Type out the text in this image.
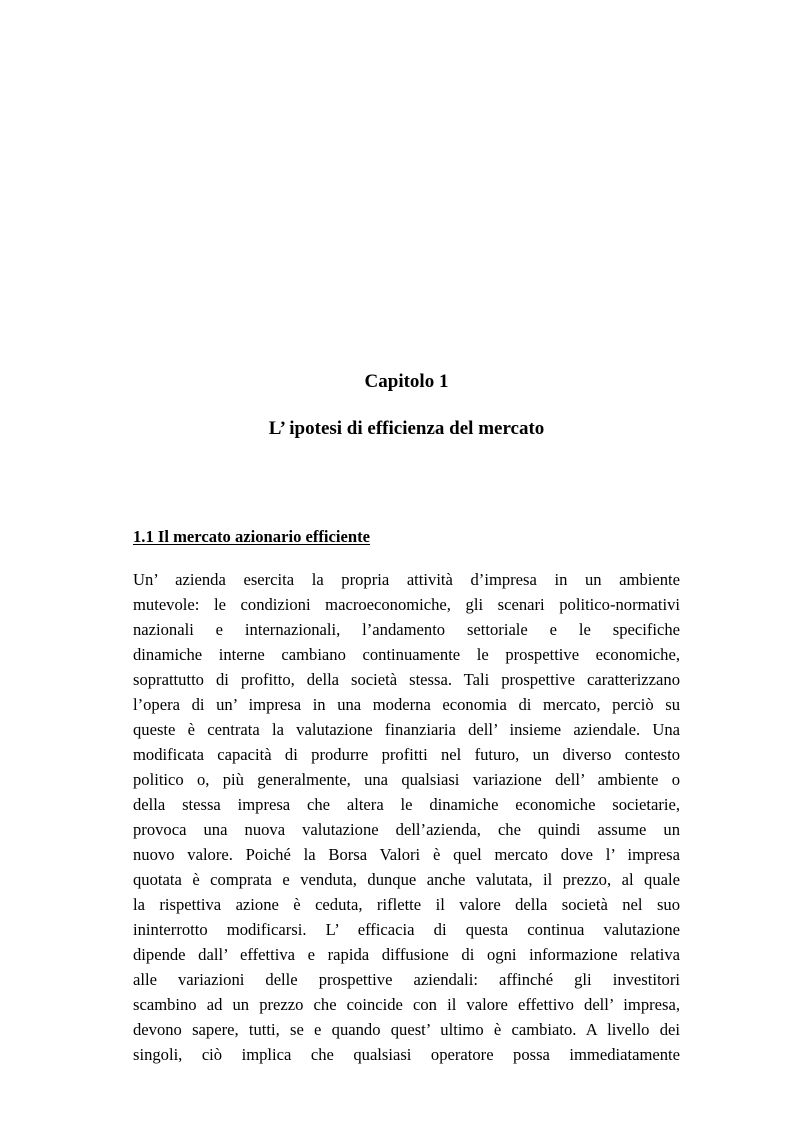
Capitolo 1
L’ ipotesi di efficienza del mercato
1.1 Il mercato azionario efficiente
Un’ azienda esercita la propria attività d’impresa in un ambiente
mutevole: le condizioni macroeconomiche, gli scenari politico-normativi
nazionali e internazionali, l’andamento settoriale e le specifiche
dinamiche interne cambiano continuamente le prospettive economiche,
soprattutto di profitto, della società stessa. Tali prospettive caratterizzano
l’opera di un’ impresa in una moderna economia di mercato, perciò su
queste è centrata la valutazione finanziaria dell’ insieme aziendale. Una
modificata capacità di produrre profitti nel futuro, un diverso contesto
politico o, più generalmente, una qualsiasi variazione dell’ ambiente o
della stessa impresa che altera le dinamiche economiche societarie,
provoca una nuova valutazione dell’azienda, che quindi assume un
nuovo valore. Poiché la Borsa Valori è quel mercato dove l’ impresa
quotata è comprata e venduta, dunque anche valutata, il prezzo, al quale
la rispettiva azione è ceduta, riflette il valore della società nel suo
ininterrotto modificarsi. L’ efficacia di questa continua valutazione
dipende dall’ effettiva e rapida diffusione di ogni informazione relativa
alle variazioni delle prospettive aziendali: affinché gli investitori
scambino ad un prezzo che coincide con il valore effettivo dell’ impresa,
devono sapere, tutti, se e quando quest’ ultimo è cambiato. A livello dei
singoli, ciò implica che qualsiasi operatore possa immediatamente
